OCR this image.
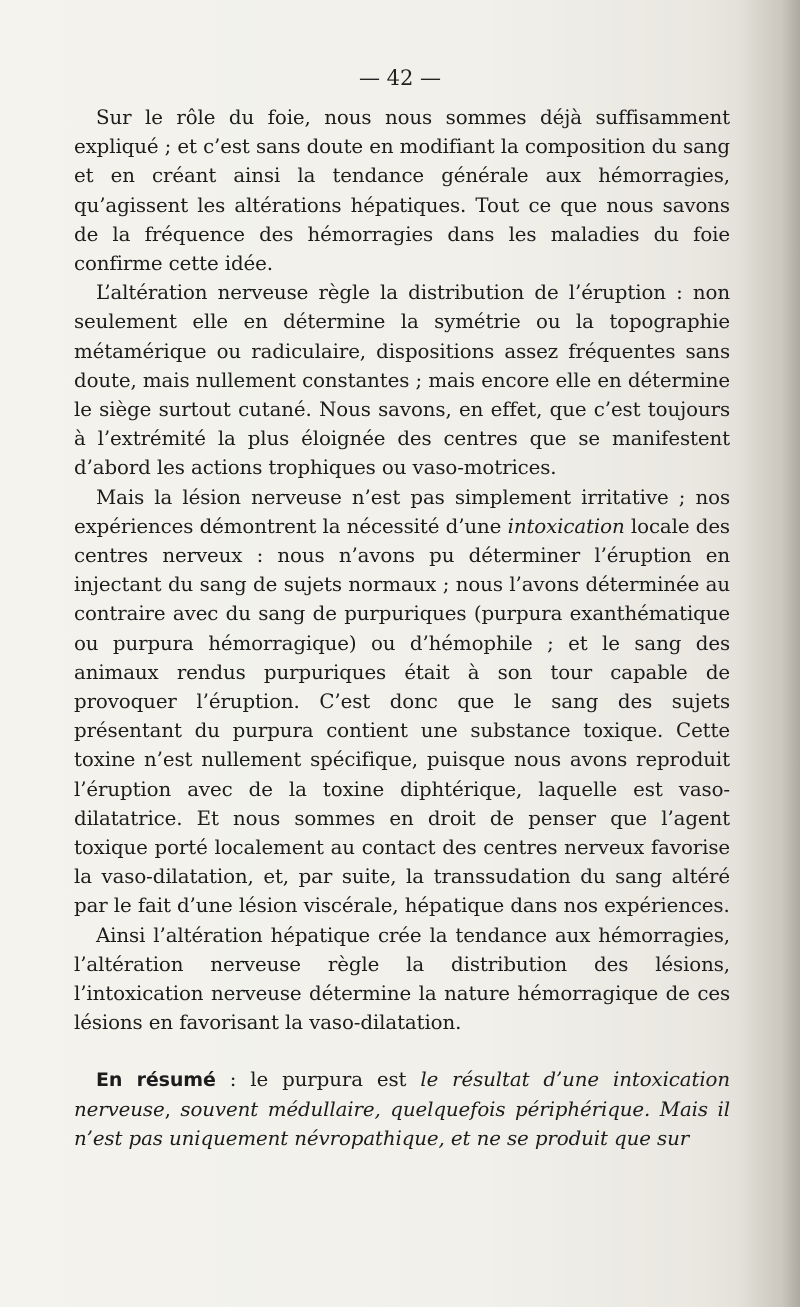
— 42 —

Sur le rôle du foie, nous nous sommes déjà suffisamment expliqué ; et c’est sans doute en modifiant la composition du sang et en créant ainsi la tendance générale aux hémorragies, qu’agissent les altérations hépatiques. Tout ce que nous savons de la fréquence des hémorragies dans les maladies du foie confirme cette idée.

L’altération nerveuse règle la distribution de l’éruption : non seulement elle en détermine la symétrie ou la topographie métamérique ou radiculaire, dispositions assez fréquentes sans doute, mais nullement constantes ; mais encore elle en détermine le siège surtout cutané. Nous savons, en effet, que c’est toujours à l’extrémité la plus éloignée des centres que se manifestent d’abord les actions trophiques ou vaso-motrices.

Mais la lésion nerveuse n’est pas simplement irritative ; nos expériences démontrent la nécessité d’une intoxication locale des centres nerveux : nous n’avons pu déterminer l’éruption en injectant du sang de sujets normaux ; nous l’avons déterminée au contraire avec du sang de purpuriques (purpura exanthématique ou purpura hémorragique) ou d’hémophile ; et le sang des animaux rendus purpuriques était à son tour capable de provoquer l’éruption. C’est donc que le sang des sujets présentant du purpura contient une substance toxique. Cette toxine n’est nullement spécifique, puisque nous avons reproduit l’éruption avec de la toxine diphtérique, laquelle est vaso-dilatatrice. Et nous sommes en droit de penser que l’agent toxique porté localement au contact des centres nerveux favorise la vaso-dilatation, et, par suite, la transsudation du sang altéré par le fait d’une lésion viscérale, hépatique dans nos expériences.

Ainsi l’altération hépatique crée la tendance aux hémorragies, l’altération nerveuse règle la distribution des lésions, l’intoxication nerveuse détermine la nature hémorragique de ces lésions en favorisant la vaso-dilatation.

En résumé : le purpura est le résultat d’une intoxication nerveuse, souvent médullaire, quelquefois périphérique. Mais il n’est pas uniquement névropathique, et ne se produit que sur
